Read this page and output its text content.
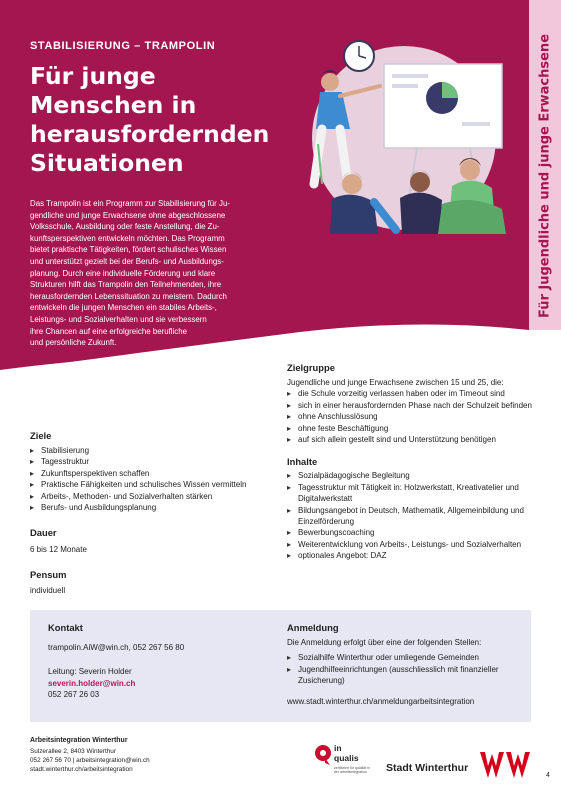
Für Jugendliche und junge Erwachsene
STABILISIERUNG – TRAMPOLIN
Für junge
Menschen in
herausfordernden
Situationen
Das Trampolin ist ein Programm zur Stabilisierung für Ju-
gendliche und junge Erwachsene ohne abgeschlossene
Volksschule, Ausbildung oder feste Anstellung, die Zu-
kunftsperspektiven entwickeln möchten. Das Programm
bietet praktische Tätigkeiten, fördert schulisches Wissen
und unterstützt gezielt bei der Berufs- und Ausbildungs-
planung. Durch eine individuelle Förderung und klare
Strukturen hilft das Trampolin den Teilnehmenden, ihre
herausfordernden Lebenssituation zu meistern. Dadurch
entwickeln die jungen Menschen ein stabiles Arbeits-,
Leistungs- und Sozialverhalten und sie verbessern
ihre Chancen auf eine erfolgreiche berufliche
und persönliche Zukunft.
Ziele
▸ Stabilisierung
▸ Tagesstruktur
▸ Zukunftsperspektiven schaffen
▸ Praktische Fähigkeiten und schulisches Wissen vermitteln
▸ Arbeits-, Methoden- und Sozialverhalten stärken
▸ Berufs- und Ausbildungsplanung
Dauer
6 bis 12 Monate
Pensum
individuell
Zielgruppe
Jugendliche und junge Erwachsene zwischen 15 und 25, die:
▸ die Schule vorzeitig verlassen haben oder im Timeout sind
▸ sich in einer herausfordernden Phase nach der Schulzeit befinden
▸ ohne Anschlusslösung
▸ ohne feste Beschäftigung
▸ auf sich allein gestellt sind und Unterstützung benötigen
Inhalte
▸ Sozialpädagogische Begleitung
▸ Tagesstruktur mit Tätigkeit in: Holzwerkstatt, Kreativatelier und Digitalwerkstatt
▸ Bildungsangebot in Deutsch, Mathematik, Allgemeinbildung und Einzelförderung
▸ Bewerbungscoaching
▸ Weiterentwicklung von Arbeits-, Leistungs- und Sozialverhalten
▸ optionales Angebot: DAZ
Kontakt
trampolin.AiW@win.ch, 052 267 56 80
Leitung: Severin Holder
severin.holder@win.ch
052 267 26 03
Anmeldung
Die Anmeldung erfolgt über eine der folgenden Stellen:
▸ Sozialhilfe Winterthur oder umliegende Gemeinden
▸ Jugendhilfeeinrichtungen (ausschliesslich mit finanzieller Zusicherung)
www.stadt.winterthur.ch/anmeldungarbeitsintegration
Arbeitsintegration Winterthur
Sulzerallee 2, 8403 Winterthur
052 267 56 70 | arbeitsintegration@win.ch
stadt.winterthur.ch/arbeitsintegration
in
qualis
zertifiziert für qualität in der arbeitsintegration	Stadt Winterthur
4
